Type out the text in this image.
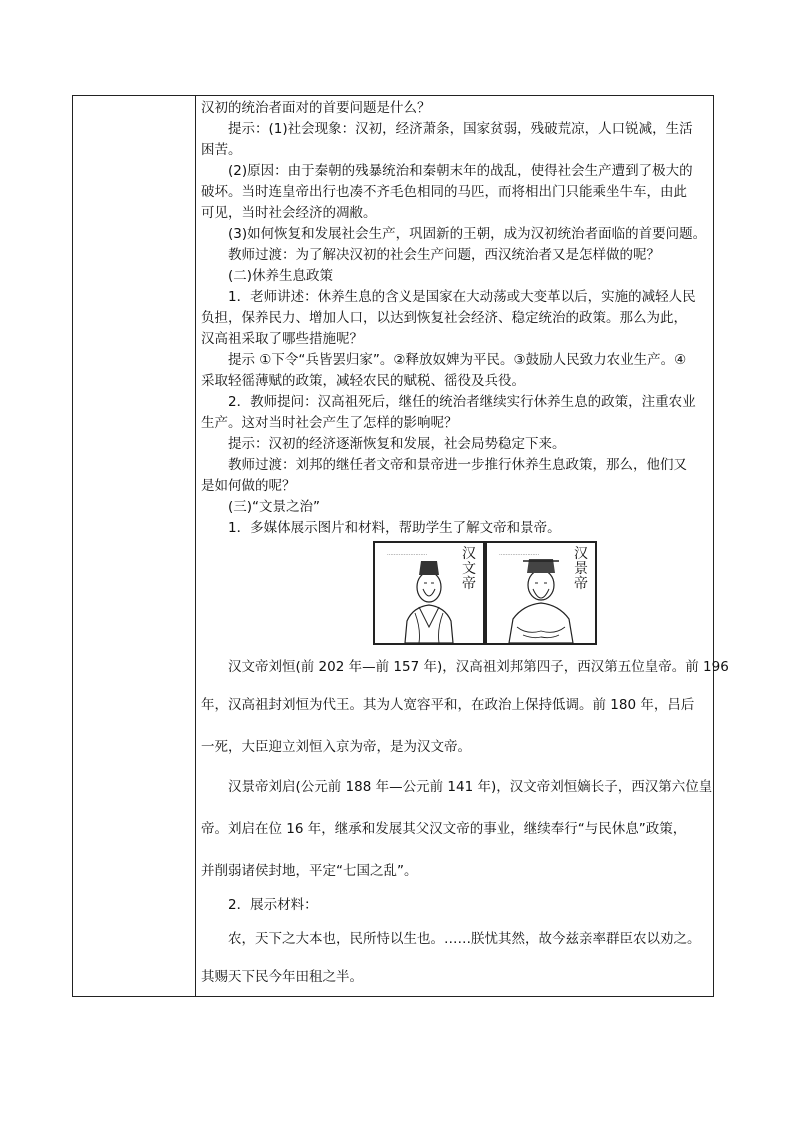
汉初的统治者面对的首要问题是什么？
提示：(1)社会现象：汉初，经济萧条，国家贫弱，残破荒凉，人口锐减，生活
困苦。
(2)原因：由于秦朝的残暴统治和秦朝末年的战乱，使得社会生产遭到了极大的
破坏。当时连皇帝出行也凑不齐毛色相同的马匹，而将相出门只能乘坐牛车，由此
可见，当时社会经济的凋敝。
(3)如何恢复和发展社会生产，巩固新的王朝，成为汉初统治者面临的首要问题。
教师过渡：为了解决汉初的社会生产问题，西汉统治者又是怎样做的呢？
(二)休养生息政策
1．老师讲述：休养生息的含义是国家在大动荡或大变革以后，实施的减轻人民
负担，保养民力、增加人口，以达到恢复社会经济、稳定统治的政策。那么为此，
汉高祖采取了哪些措施呢？
提示 ①下令“兵皆罢归家”。②释放奴婢为平民。③鼓励人民致力农业生产。④
采取轻徭薄赋的政策，减轻农民的赋税、徭役及兵役。
2．教师提问：汉高祖死后，继任的统治者继续实行休养生息的政策，注重农业
生产。这对当时社会产生了怎样的影响呢？
提示：汉初的经济逐渐恢复和发展，社会局势稳定下来。
教师过渡：刘邦的继任者文帝和景帝进一步推行休养生息政策，那么，他们又
是如何做的呢？
(三)“文景之治”
1．多媒体展示图片和材料，帮助学生了解文帝和景帝。
‥‥‥‥‥‥‥‥‥‥‥‥ 汉文帝
‥‥‥‥‥‥‥‥‥‥‥‥ 汉景帝
汉文帝刘恒(前 202 年—前 157 年)，汉高祖刘邦第四子，西汉第五位皇帝。前 196
年，汉高祖封刘恒为代王。其为人宽容平和，在政治上保持低调。前 180 年，吕后
一死，大臣迎立刘恒入京为帝，是为汉文帝。
汉景帝刘启(公元前 188 年—公元前 141 年)，汉文帝刘恒嫡长子，西汉第六位皇
帝。刘启在位 16 年，继承和发展其父汉文帝的事业，继续奉行“与民休息”政策，
并削弱诸侯封地，平定“七国之乱”。
2．展示材料：
农，天下之大本也，民所恃以生也。……朕忧其然，故今兹亲率群臣农以劝之。
其赐天下民今年田租之半。
